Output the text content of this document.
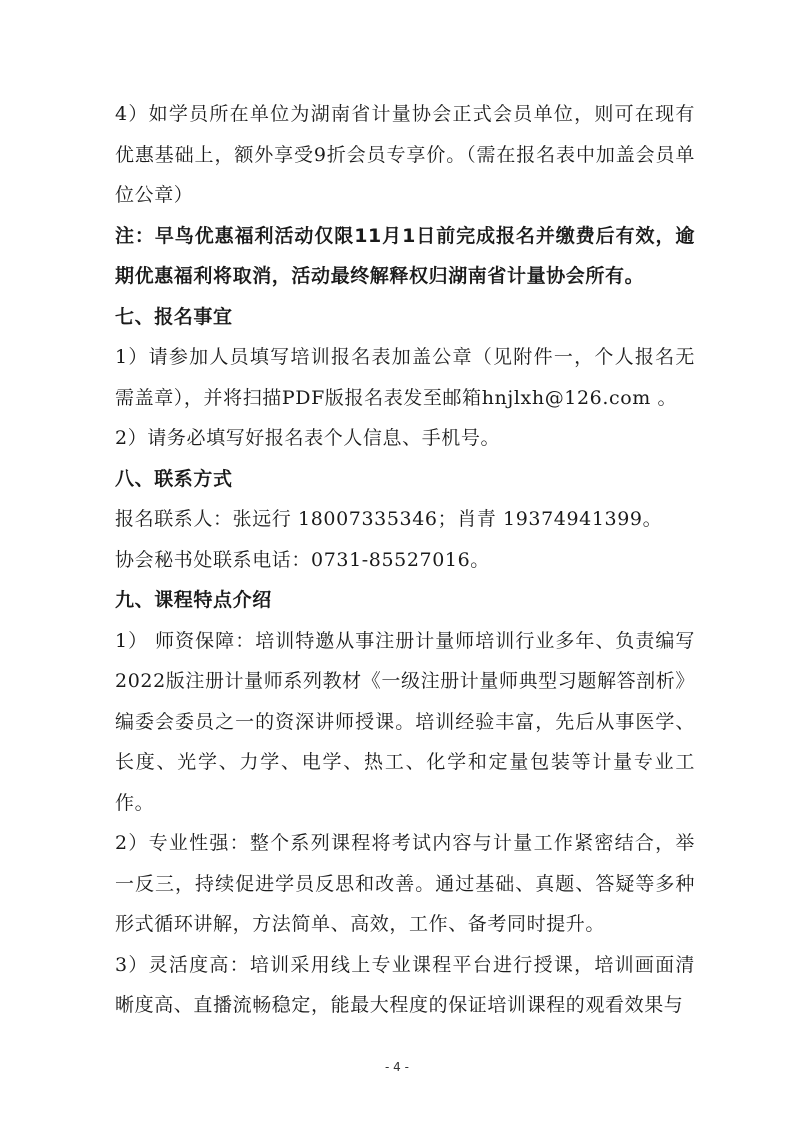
4）如学员所在单位为湖南省计量协会正式会员单位，则可在现有优惠基础上，额外享受9折会员专享价。（需在报名表中加盖会员单位公章）

注：早鸟优惠福利活动仅限11月1日前完成报名并缴费后有效，逾期优惠福利将取消，活动最终解释权归湖南省计量协会所有。

七、报名事宜

1）请参加人员填写培训报名表加盖公章（见附件一，个人报名无需盖章），并将扫描PDF版报名表发至邮箱hnjlxh@126.com 。

2）请务必填写好报名表个人信息、手机号。

八、联系方式

报名联系人：张远行 18007335346；肖青 19374941399。

协会秘书处联系电话：0731-85527016。

九、课程特点介绍

1） 师资保障：培训特邀从事注册计量师培训行业多年、负责编写2022版注册计量师系列教材《一级注册计量师典型习题解答剖析》编委会委员之一的资深讲师授课。培训经验丰富，先后从事医学、长度、光学、力学、电学、热工、化学和定量包装等计量专业工作。

2）专业性强：整个系列课程将考试内容与计量工作紧密结合，举一反三，持续促进学员反思和改善。通过基础、真题、答疑等多种形式循环讲解，方法简单、高效，工作、备考同时提升。

3）灵活度高：培训采用线上专业课程平台进行授课，培训画面清晰度高、直播流畅稳定，能最大程度的保证培训课程的观看效果与

- 4 -
